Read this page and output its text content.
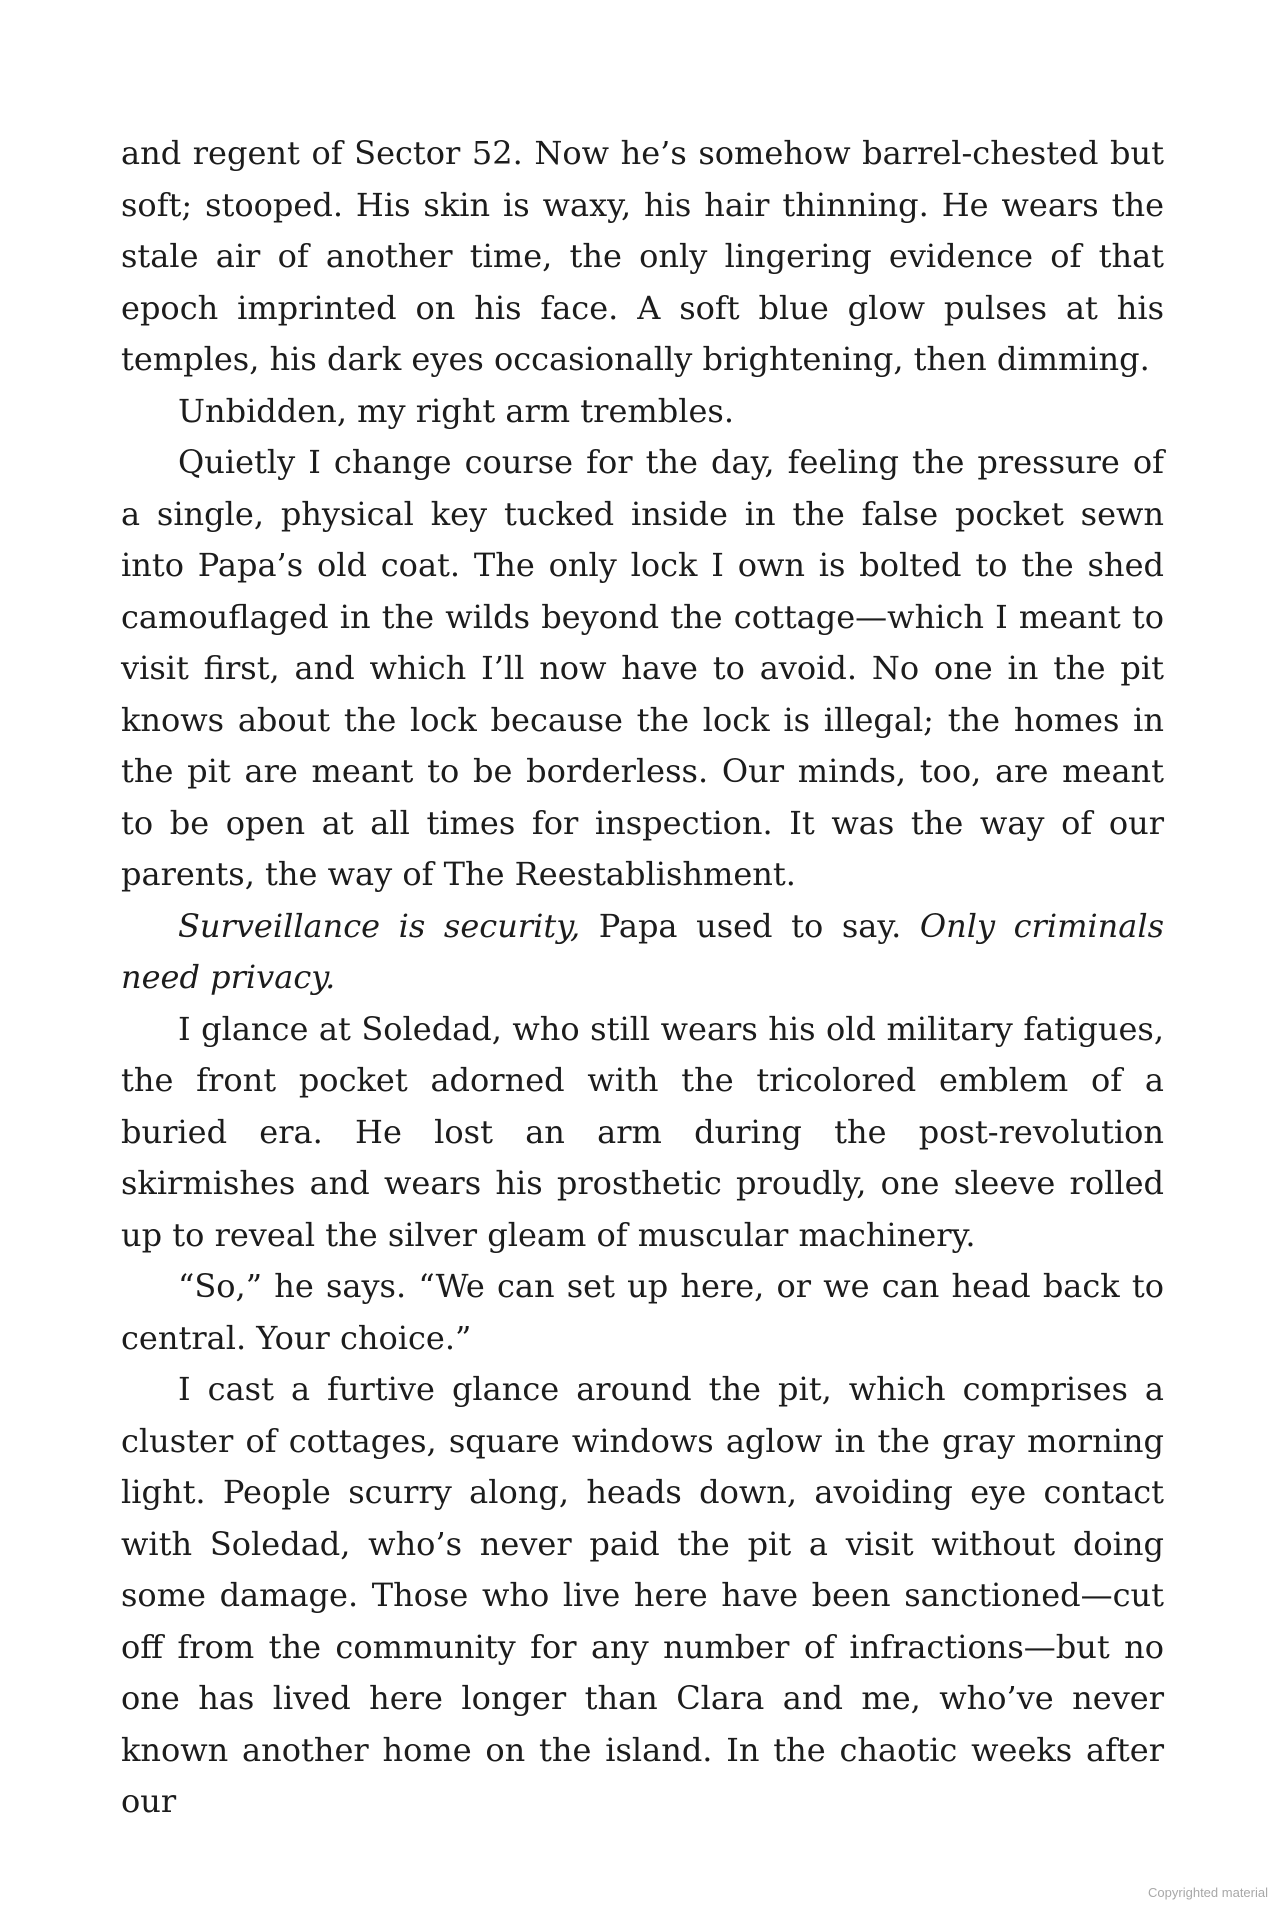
and regent of Sector 52. Now he’s somehow barrel-chested but soft; stooped. His skin is waxy, his hair thinning. He wears the stale air of another time, the only lingering evidence of that epoch imprinted on his face. A soft blue glow pulses at his temples, his dark eyes occasionally brightening, then dimming.

Unbidden, my right arm trembles.

Quietly I change course for the day, feeling the pressure of a single, physical key tucked inside in the false pocket sewn into Papa’s old coat. The only lock I own is bolted to the shed camouflaged in the wilds beyond the cottage—which I meant to visit first, and which I’ll now have to avoid. No one in the pit knows about the lock because the lock is illegal; the homes in the pit are meant to be borderless. Our minds, too, are meant to be open at all times for inspection. It was the way of our parents, the way of The Reestablishment.

Surveillance is security, Papa used to say. Only criminals need privacy.

I glance at Soledad, who still wears his old military fatigues, the front pocket adorned with the tricolored emblem of a buried era. He lost an arm during the post-revolution skirmishes and wears his prosthetic proudly, one sleeve rolled up to reveal the silver gleam of muscular machinery.

“So,” he says. “We can set up here, or we can head back to central. Your choice.”

I cast a furtive glance around the pit, which comprises a cluster of cottages, square windows aglow in the gray morning light. People scurry along, heads down, avoiding eye contact with Soledad, who’s never paid the pit a visit without doing some damage. Those who live here have been sanctioned—cut off from the community for any number of infractions—but no one has lived here longer than Clara and me, who’ve never known another home on the island. In the chaotic weeks after our

Copyrighted material
